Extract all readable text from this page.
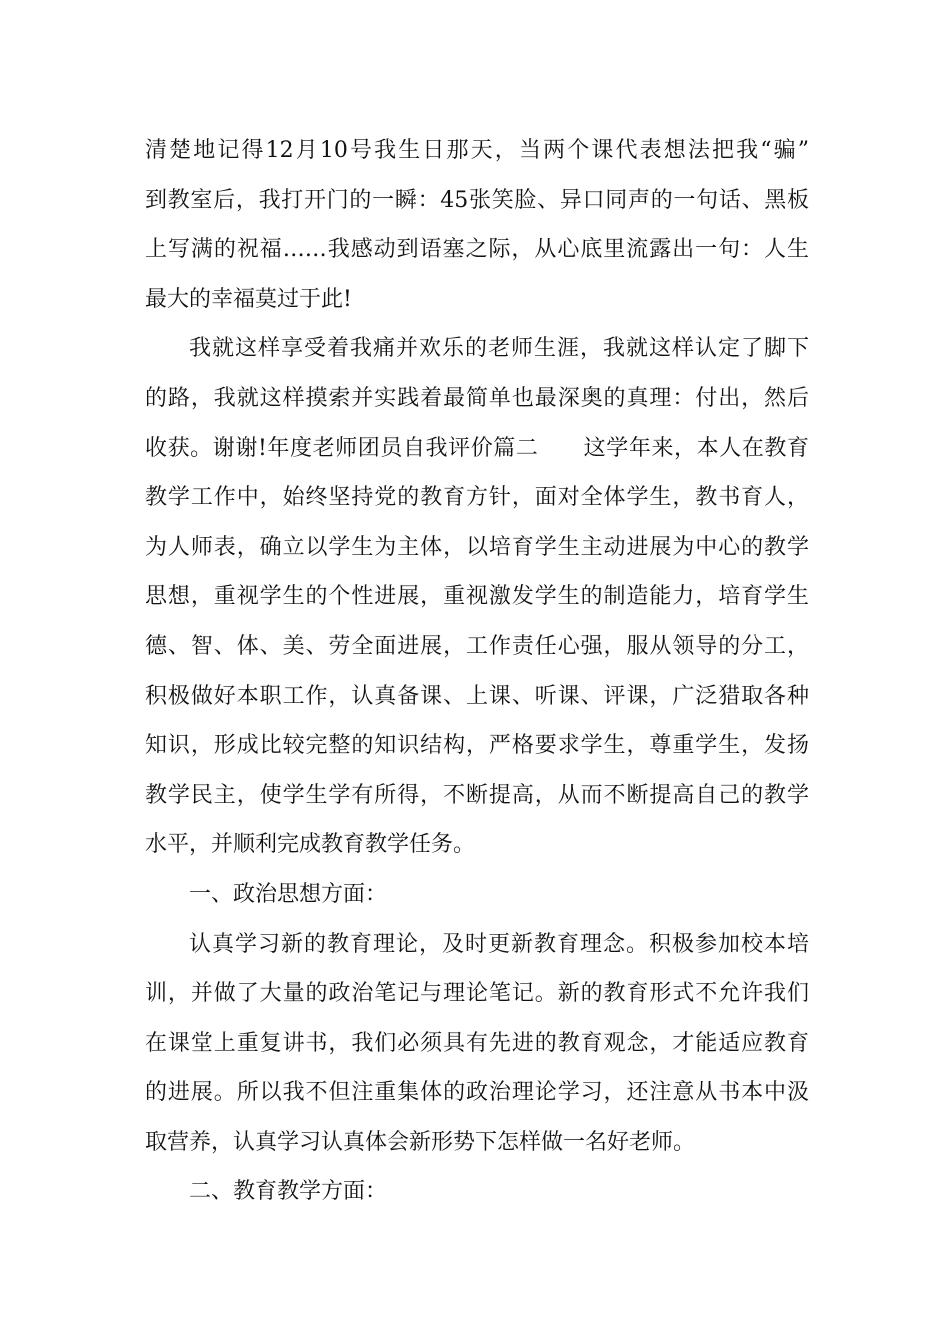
清楚地记得12月10号我生日那天，当两个课代表想法把我“骗”
到教室后，我打开门的一瞬：45张笑脸、异口同声的一句话、黑板
上写满的祝福……我感动到语塞之际，从心底里流露出一句：人生
最大的幸福莫过于此!
我就这样享受着我痛并欢乐的老师生涯，我就这样认定了脚下
的路，我就这样摸索并实践着最简单也最深奥的真理：付出，然后
收获。谢谢!年度老师团员自我评价篇二　　这学年来，本人在教育
教学工作中，始终坚持党的教育方针，面对全体学生，教书育人，
为人师表，确立以学生为主体，以培育学生主动进展为中心的教学
思想，重视学生的个性进展，重视激发学生的制造能力，培育学生
德、智、体、美、劳全面进展，工作责任心强，服从领导的分工，
积极做好本职工作，认真备课、上课、听课、评课，广泛猎取各种
知识，形成比较完整的知识结构，严格要求学生，尊重学生，发扬
教学民主，使学生学有所得，不断提高，从而不断提高自己的教学
水平，并顺利完成教育教学任务。
一、政治思想方面：
认真学习新的教育理论，及时更新教育理念。积极参加校本培
训，并做了大量的政治笔记与理论笔记。新的教育形式不允许我们
在课堂上重复讲书，我们必须具有先进的教育观念，才能适应教育
的进展。所以我不但注重集体的政治理论学习，还注意从书本中汲
取营养，认真学习认真体会新形势下怎样做一名好老师。
二、教育教学方面：
